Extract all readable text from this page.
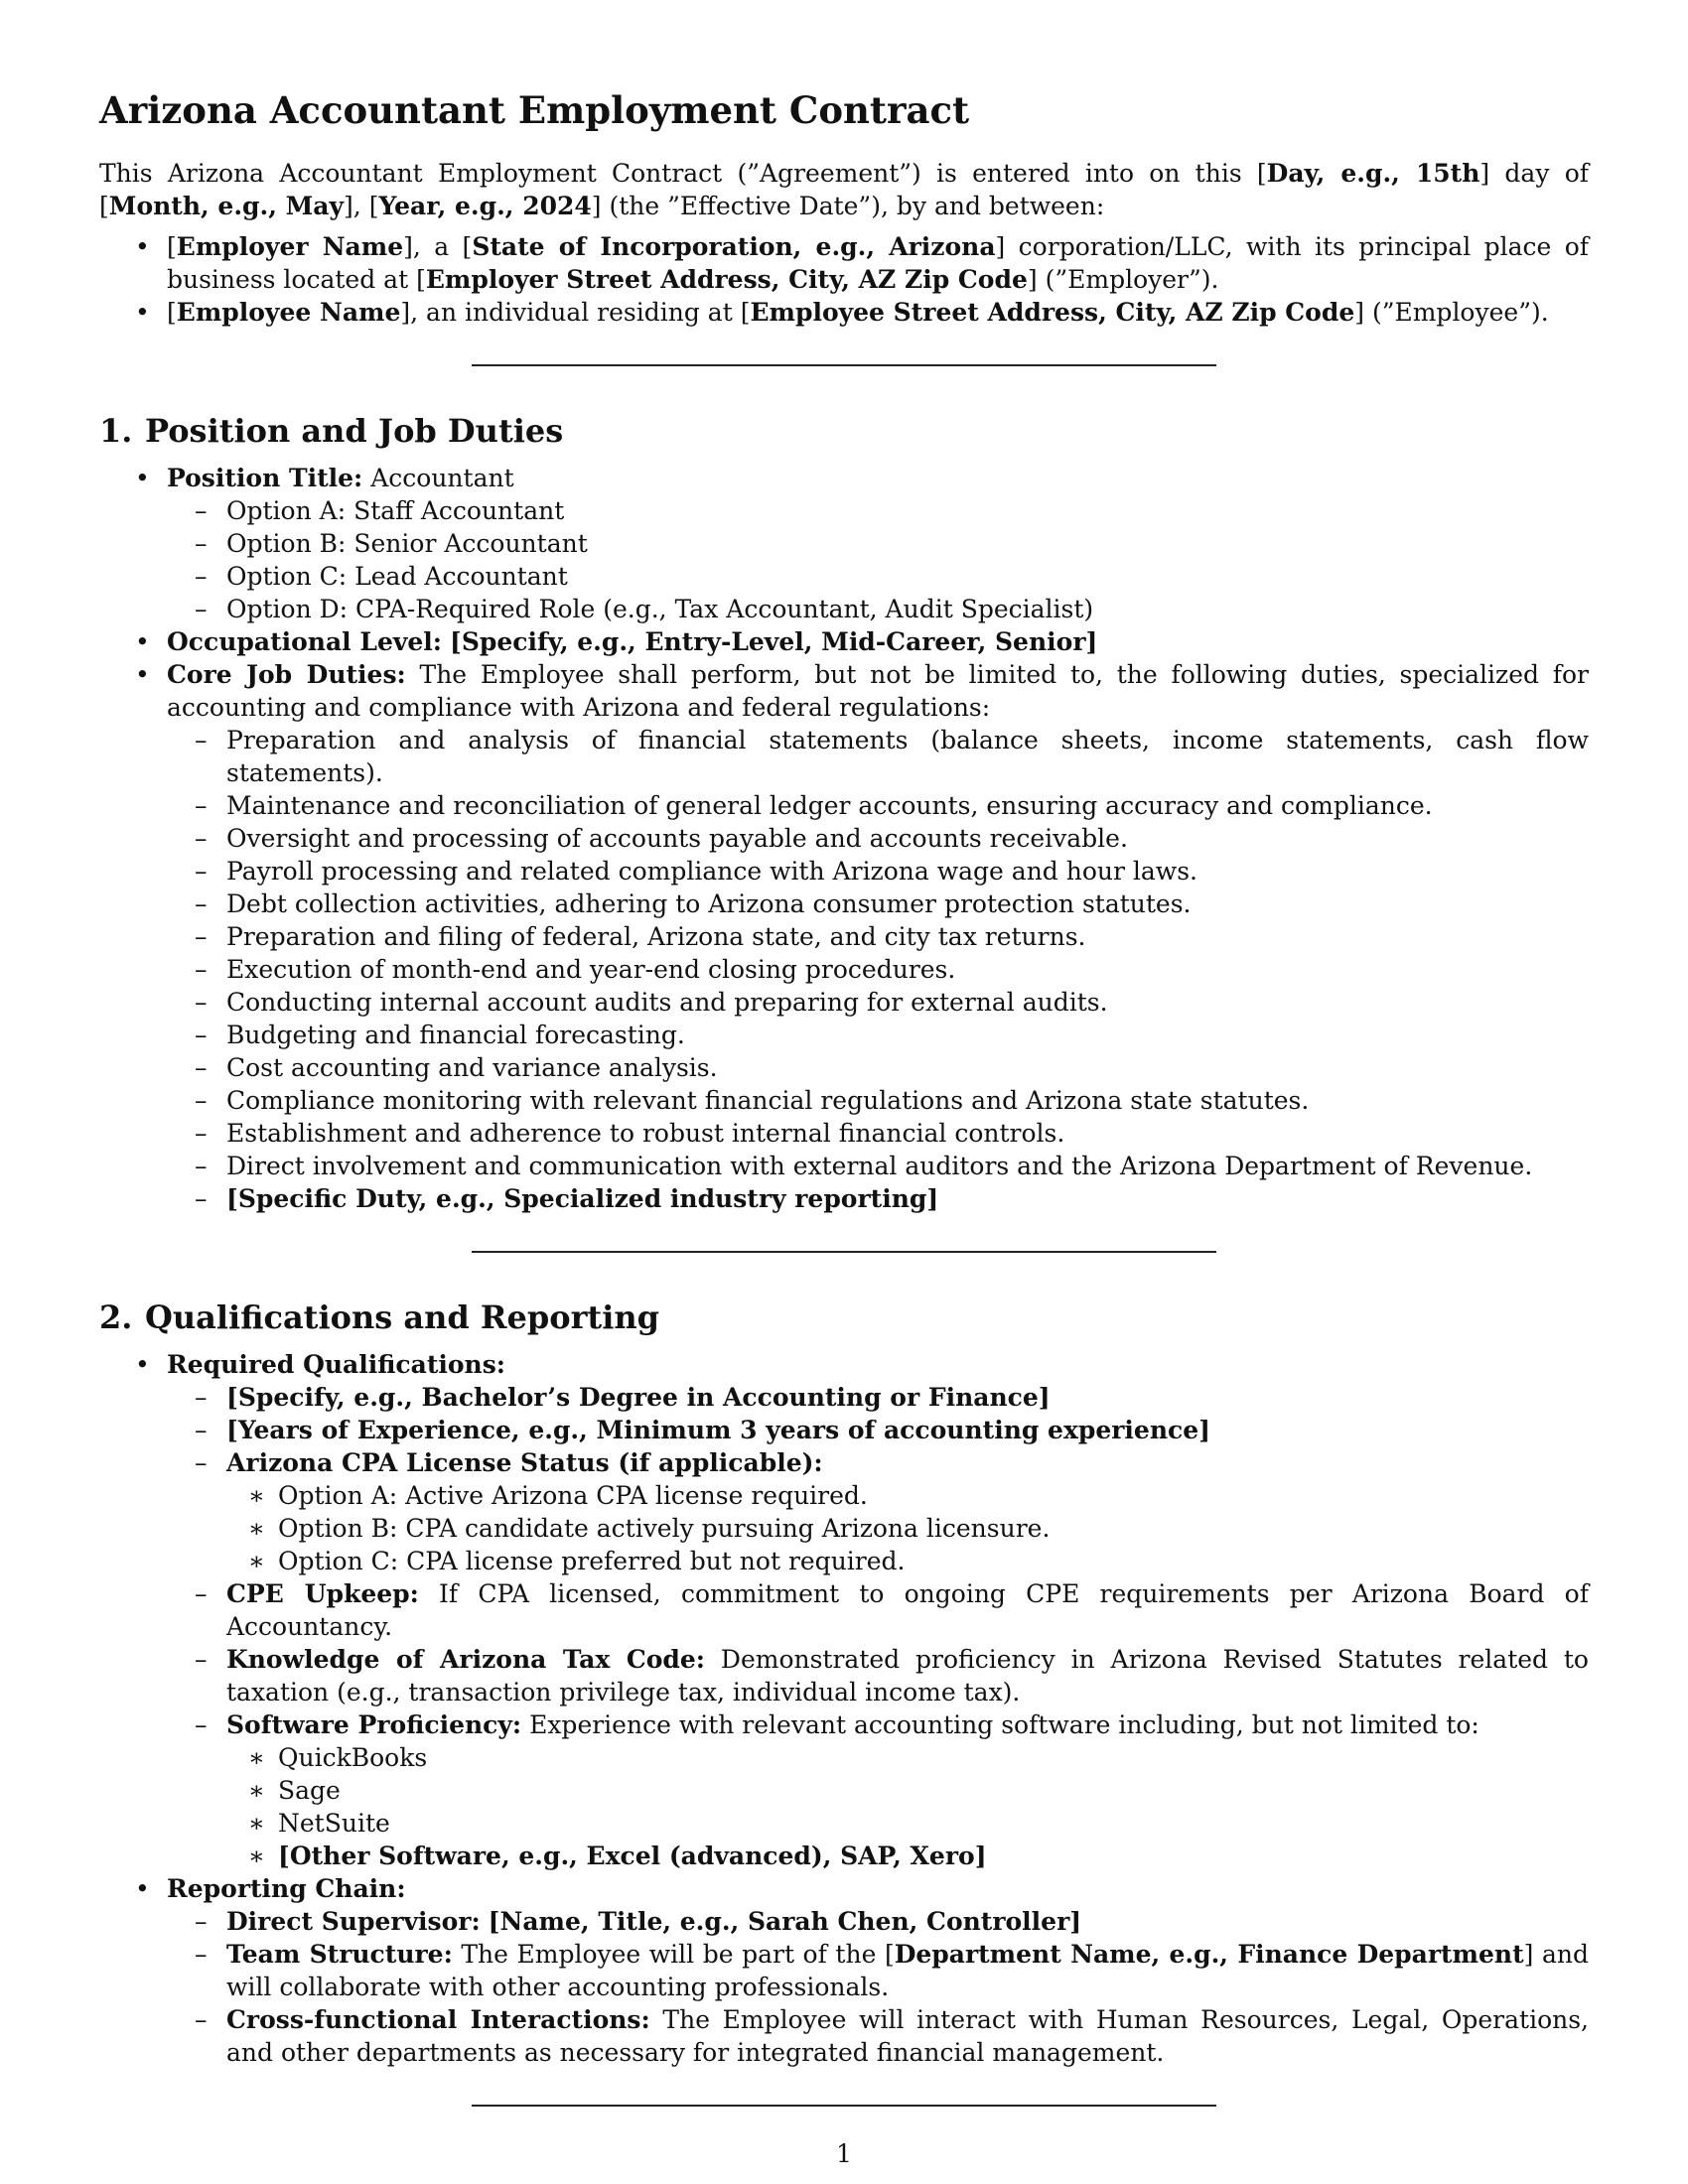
Arizona Accountant Employment Contract

This Arizona Accountant Employment Contract (”Agreement”) is entered into on this [Day, e.g., 15th] day of [Month, e.g., May], [Year, e.g., 2024] (the ”Effective Date”), by and between:

• [Employer Name], a [State of Incorporation, e.g., Arizona] corporation/LLC, with its principal place of business located at [Employer Street Address, City, AZ Zip Code] (”Employer”).
• [Employee Name], an individual residing at [Employee Street Address, City, AZ Zip Code] (”Employee”).
1. Position and Job Duties
• Position Title: Accountant
– Option A: Staff Accountant
– Option B: Senior Accountant
– Option C: Lead Accountant
– Option D: CPA-Required Role (e.g., Tax Accountant, Audit Specialist)
• Occupational Level: [Specify, e.g., Entry-Level, Mid-Career, Senior]
• Core Job Duties: The Employee shall perform, but not be limited to, the following duties, specialized for accounting and compliance with Arizona and federal regulations:
– Preparation and analysis of financial statements (balance sheets, income statements, cash flow statements).
– Maintenance and reconciliation of general ledger accounts, ensuring accuracy and compliance.
– Oversight and processing of accounts payable and accounts receivable.
– Payroll processing and related compliance with Arizona wage and hour laws.
– Debt collection activities, adhering to Arizona consumer protection statutes.
– Preparation and filing of federal, Arizona state, and city tax returns.
– Execution of month-end and year-end closing procedures.
– Conducting internal account audits and preparing for external audits.
– Budgeting and financial forecasting.
– Cost accounting and variance analysis.
– Compliance monitoring with relevant financial regulations and Arizona state statutes.
– Establishment and adherence to robust internal financial controls.
– Direct involvement and communication with external auditors and the Arizona Department of Revenue.
– [Specific Duty, e.g., Specialized industry reporting]
2. Qualifications and Reporting
• Required Qualifications:
– [Specify, e.g., Bachelor’s Degree in Accounting or Finance]
– [Years of Experience, e.g., Minimum 3 years of accounting experience]
– Arizona CPA License Status (if applicable):
∗ Option A: Active Arizona CPA license required.
∗ Option B: CPA candidate actively pursuing Arizona licensure.
∗ Option C: CPA license preferred but not required.
– CPE Upkeep: If CPA licensed, commitment to ongoing CPE requirements per Arizona Board of Accountancy.
– Knowledge of Arizona Tax Code: Demonstrated proficiency in Arizona Revised Statutes related to taxation (e.g., transaction privilege tax, individual income tax).
– Software Proficiency: Experience with relevant accounting software including, but not limited to:
∗ QuickBooks
∗ Sage
∗ NetSuite
∗ [Other Software, e.g., Excel (advanced), SAP, Xero]
• Reporting Chain:
– Direct Supervisor: [Name, Title, e.g., Sarah Chen, Controller]
– Team Structure: The Employee will be part of the [Department Name, e.g., Finance Department] and will collaborate with other accounting professionals.
– Cross-functional Interactions: The Employee will interact with Human Resources, Legal, Operations, and other departments as necessary for integrated financial management.
1
